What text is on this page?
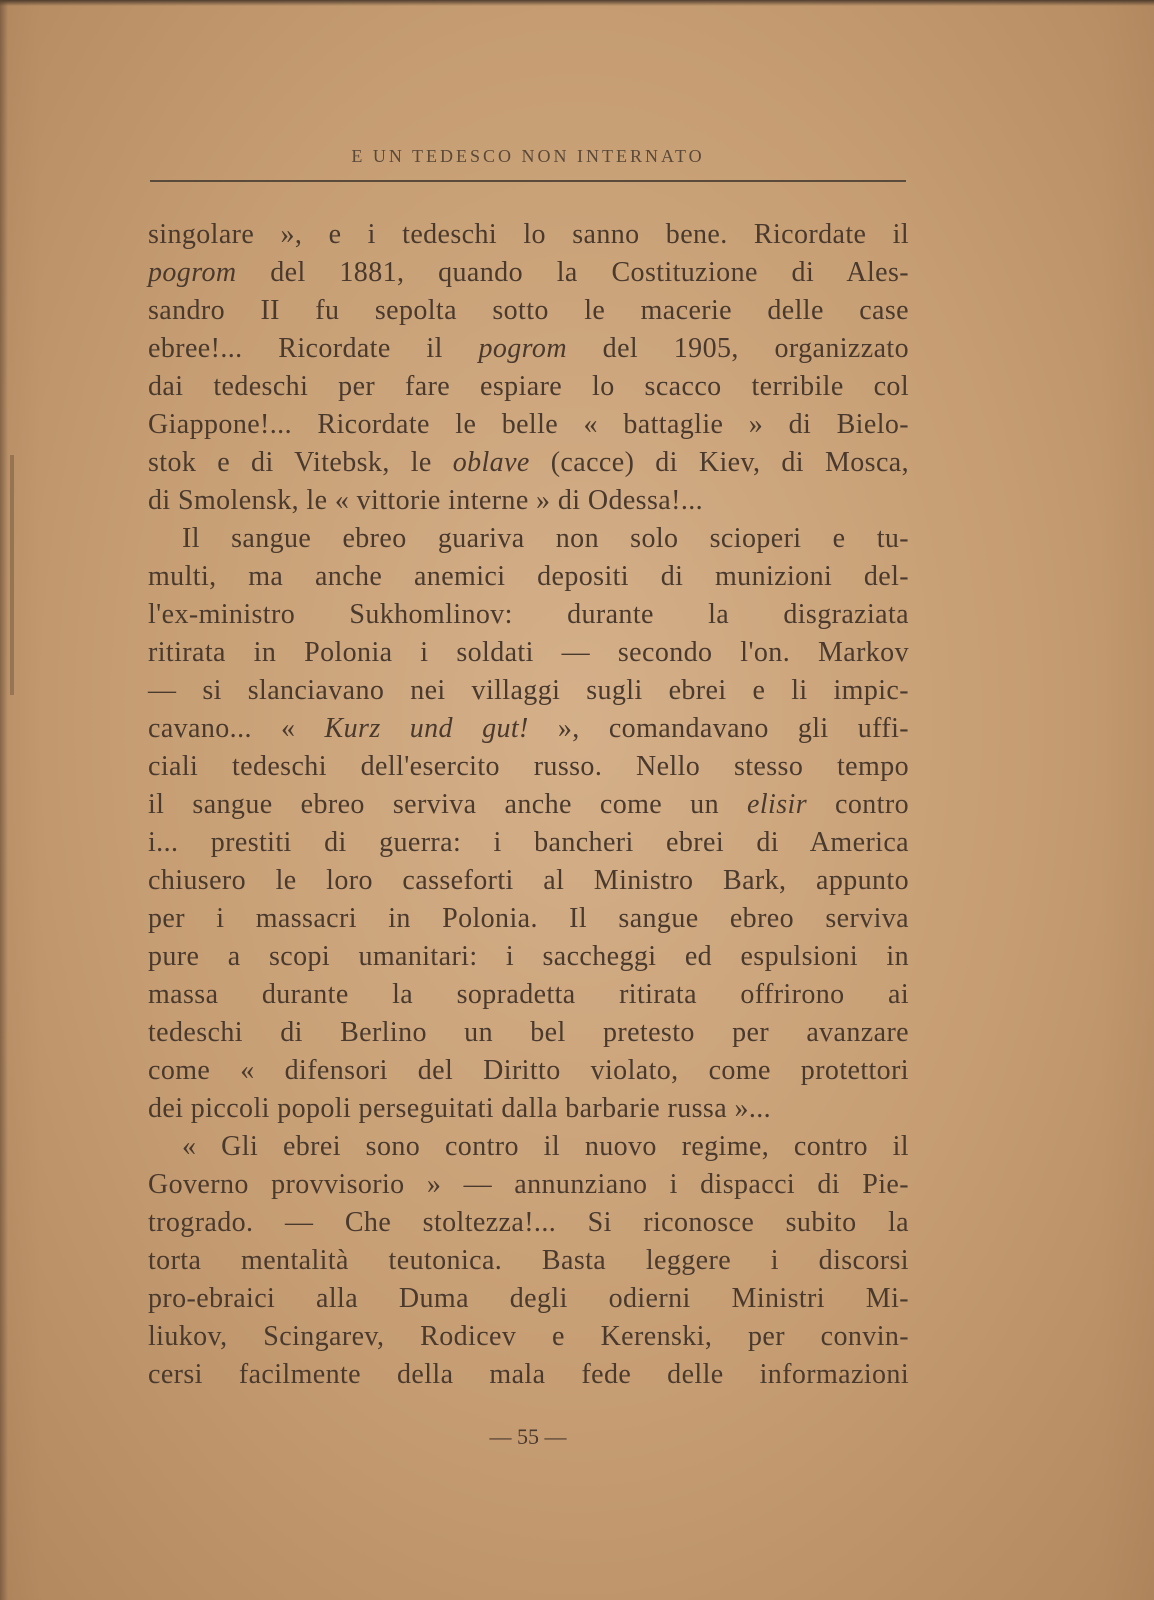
E UN TEDESCO NON INTERNATO
singolare », e i tedeschi lo sanno bene. Ricordate il
pogrom del 1881, quando la Costituzione di Ales-
sandro II fu sepolta sotto le macerie delle case
ebree!... Ricordate il pogrom del 1905, organizzato
dai tedeschi per fare espiare lo scacco terribile col
Giappone!... Ricordate le belle « battaglie » di Bielo-
stok e di Vitebsk, le oblave (cacce) di Kiev, di Mosca,
di Smolensk, le « vittorie interne » di Odessa!...
Il sangue ebreo guariva non solo scioperi e tu-
multi, ma anche anemici depositi di munizioni del-
l'ex-ministro Sukhomlinov: durante la disgraziata
ritirata in Polonia i soldati — secondo l'on. Markov
— si slanciavano nei villaggi sugli ebrei e li impic-
cavano... « Kurz und gut! », comandavano gli uffi-
ciali tedeschi dell'esercito russo. Nello stesso tempo
il sangue ebreo serviva anche come un elisir contro
i... prestiti di guerra: i bancheri ebrei di America
chiusero le loro casseforti al Ministro Bark, appunto
per i massacri in Polonia. Il sangue ebreo serviva
pure a scopi umanitari: i saccheggi ed espulsioni in
massa durante la sopradetta ritirata offrirono ai
tedeschi di Berlino un bel pretesto per avanzare
come « difensori del Diritto violato, come protettori
dei piccoli popoli perseguitati dalla barbarie russa »...
« Gli ebrei sono contro il nuovo regime, contro il
Governo provvisorio » — annunziano i dispacci di Pie-
trogrado. — Che stoltezza!... Si riconosce subito la
torta mentalità teutonica. Basta leggere i discorsi
pro-ebraici alla Duma degli odierni Ministri Mi-
liukov, Scingarev, Rodicev e Kerenski, per convin-
cersi facilmente della mala fede delle informazioni
— 55 —
